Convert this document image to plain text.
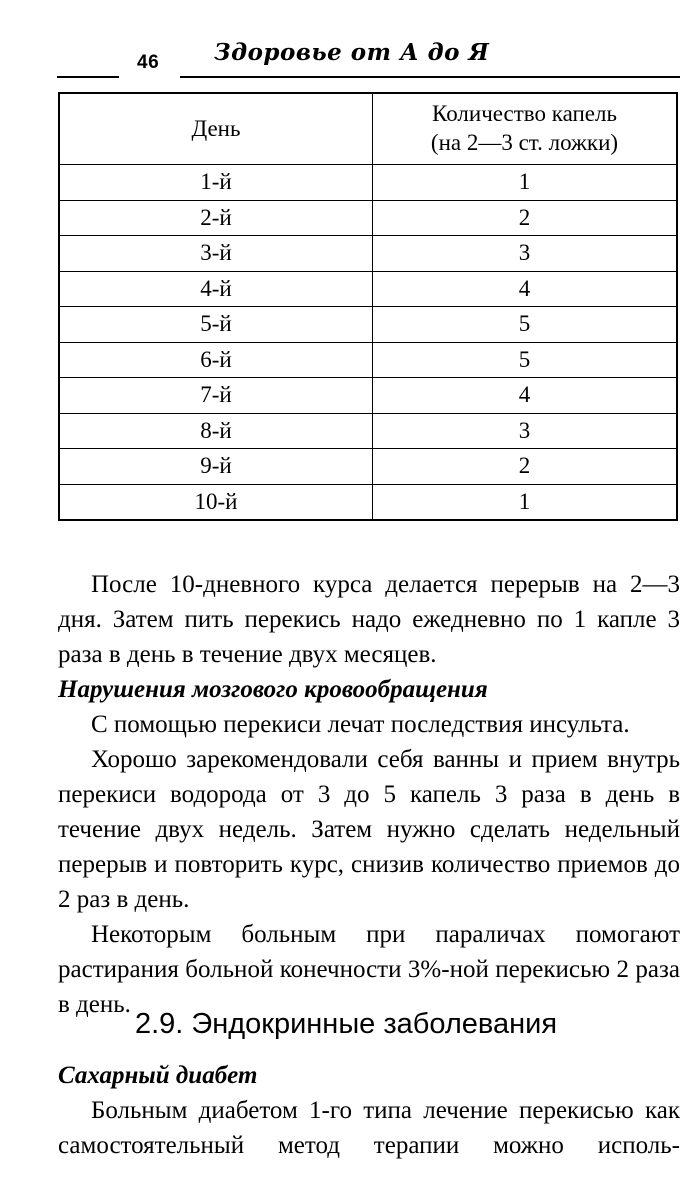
46 Здоровье от А до Я
День	Количество капель
(на 2—3 ст. ложки)

1-й	1
2-й	2
3-й	3
4-й	4
5-й	5
6-й	5
7-й	4
8-й	3
9-й	2
10-й	1

После 10-дневного курса делается перерыв на 2—3 дня. Затем пить перекись надо ежедневно по 1 капле 3 раза в день в течение двух месяцев.

Нарушения мозгового кровообращения

С помощью перекиси лечат последствия инсульта.

Хорошо зарекомендовали себя ванны и прием внутрь перекиси водорода от 3 до 5 капель 3 раза в день в течение двух недель. Затем нужно сделать недельный перерыв и повторить курс, снизив количество приемов до 2 раз в день.

Некоторым больным при параличах помогают растирания больной конечности 3%-ной перекисью 2 раза в день.

2.9. Эндокринные заболевания

Сахарный диабет

Больным диабетом 1-го типа лечение перекисью как самостоятельный метод терапии можно исполь-
